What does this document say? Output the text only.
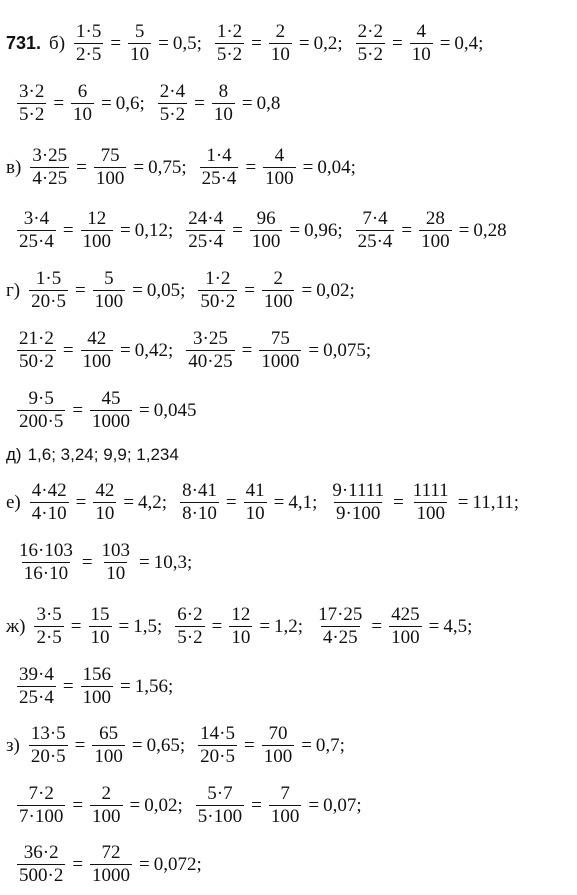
731. $б) \frac{1\cdot 5}{2\cdot 5} = \frac{5}{10} = 0,5$ ; $\frac{1\cdot 2}{5\cdot 2} = \frac{2}{10} = 0,2$ ; $\frac{2\cdot 2}{5\cdot 2} = \frac{4}{10} = 0,4$ ;
$\frac{3\cdot 2}{5\cdot 2} = \frac{6}{10} = 0,6$ ; $\frac{2\cdot 4}{5\cdot 2} = \frac{8}{10} = 0,8$
$в) \frac{3\cdot 25}{4\cdot 25} = \frac{75}{100} = 0,75$ ; $\frac{1\cdot 4}{25\cdot 4} = \frac{4}{100} = 0,04$ ;
$\frac{3\cdot 4}{25\cdot 4} = \frac{12}{100} = 0,12$ ; $\frac{24\cdot 4}{25\cdot 4} = \frac{96}{100} = 0,96$ ; $\frac{7\cdot 4}{25\cdot 4} = \frac{28}{100} = 0,28$
$г) \frac{1\cdot 5}{20\cdot 5} = \frac{5}{100} = 0,05$ ; $\frac{1\cdot 2}{50\cdot 2} = \frac{2}{100} = 0,02$ ;
$\frac{21\cdot 2}{50\cdot 2} = \frac{42}{100} = 0,42$ ; $\frac{3\cdot 25}{40\cdot 25} = \frac{75}{1000} = 0,075$ ;
$\frac{9\cdot 5}{200\cdot 5} = \frac{45}{1000} = 0,045$
д) 1,6; 3,24; 9,9; 1,234
$е) \frac{4\cdot 42}{4\cdot 10} = \frac{42}{10} = 4,2$ ; $\frac{8\cdot 41}{8\cdot 10} = \frac{41}{10} = 4,1$ ; $\frac{9\cdot 1111}{9\cdot 100} = \frac{1111}{100} = 11,11$ ;
$\frac{16\cdot 103}{16\cdot 10} = \frac{103}{10} = 10,3$ ;
$ж) \frac{3\cdot 5}{2\cdot 5} = \frac{15}{10} = 1,5$ ; $\frac{6\cdot 2}{5\cdot 2} = \frac{12}{10} = 1,2$ ; $\frac{17\cdot 25}{4\cdot 25} = \frac{425}{100} = 4,5$ ;
$\frac{39\cdot 4}{25\cdot 4} = \frac{156}{100} = 1,56$ ;
$з) \frac{13\cdot 5}{20\cdot 5} = \frac{65}{100} = 0,65$ ; $\frac{14\cdot 5}{20\cdot 5} = \frac{70}{100} = 0,7$ ;
$\frac{7\cdot 2}{7\cdot 100} = \frac{2}{100} = 0,02$ ; $\frac{5\cdot 7}{5\cdot 100} = \frac{7}{100} = 0,07$ ;
$\frac{36\cdot 2}{500\cdot 2} = \frac{72}{1000} = 0,072$ ;
